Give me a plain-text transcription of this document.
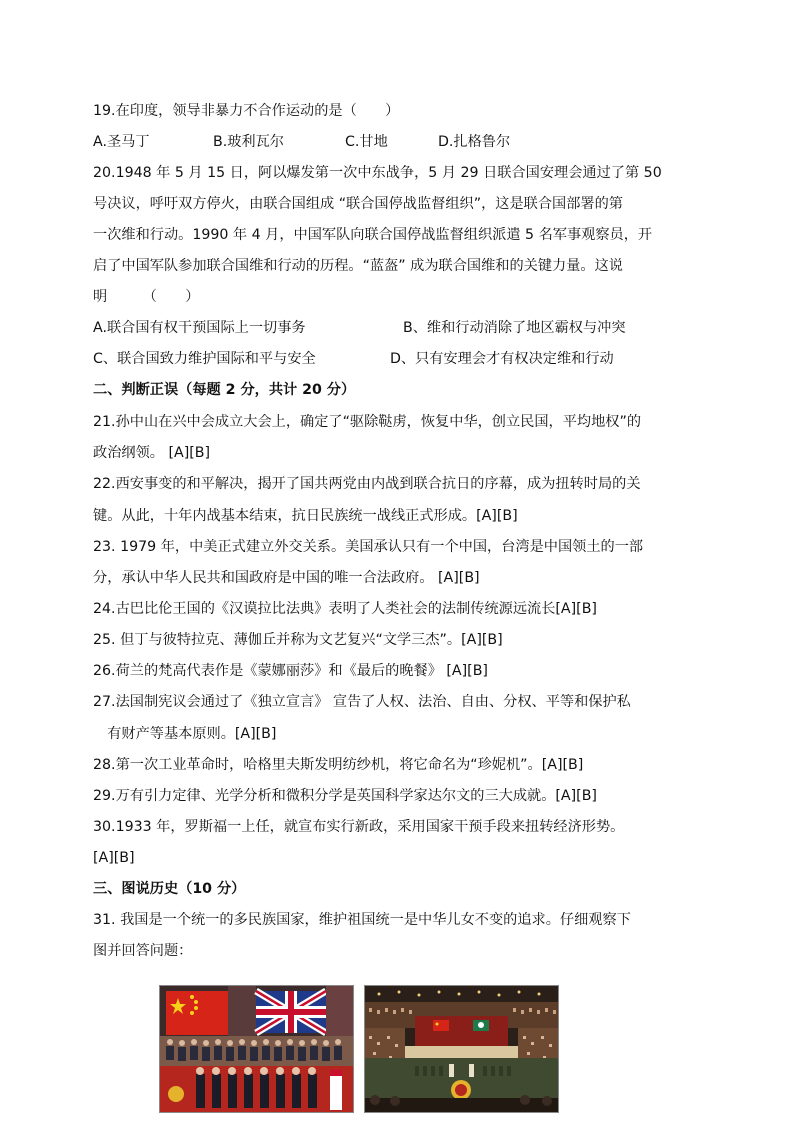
19.在印度，领导非暴力不合作运动的是（　　）
A.圣马丁	B.玻利瓦尔	C.甘地	D.扎格鲁尔
20.1948 年 5 月 15 日，阿以爆发第一次中东战争，5 月 29 日联合国安理会通过了第 50
号决议，呼吁双方停火，由联合国组成 “联合国停战监督组织”，这是联合国部署的第
一次维和行动。1990 年 4 月，中国军队向联合国停战监督组织派遣 5 名军事观察员，开
启了中国军队参加联合国维和行动的历程。“蓝盔” 成为联合国维和的关键力量。这说
明　　　（　　）
A.联合国有权干预国际上一切事务	B、维和行动消除了地区霸权与冲突
C、联合国致力维护国际和平与安全	D、只有安理会才有权决定维和行动
二、判断正误（每题 2 分，共计 20 分）
21.孙中山在兴中会成立大会上，确定了“驱除鞑虏，恢复中华，创立民国，平均地权”的
政治纲领。 [A][B]
22.西安事变的和平解决，揭开了国共两党由内战到联合抗日的序幕，成为扭转时局的关
键。从此，十年内战基本结束，抗日民族统一战线正式形成。[A][B]
23. 1979 年，中美正式建立外交关系。美国承认只有一个中国，台湾是中国领土的一部
分，承认中华人民共和国政府是中国的唯一合法政府。 [A][B]
24.古巴比伦王国的《汉谟拉比法典》表明了人类社会的法制传统源远流长[A][B]
25. 但丁与彼特拉克、薄伽丘并称为文艺复兴“文学三杰”。[A][B]
26.荷兰的梵高代表作是《蒙娜丽莎》和《最后的晚餐》 [A][B]
27.法国制宪议会通过了《独立宣言》 宣告了人权、法治、自由、分权、平等和保护私
　有财产等基本原则。[A][B]
28.第一次工业革命时，哈格里夫斯发明纺纱机，将它命名为“珍妮机”。[A][B]
29.万有引力定律、光学分析和微积分学是英国科学家达尔文的三大成就。[A][B]
30.1933 年，罗斯福一上任，就宣布实行新政，采用国家干预手段来扭转经济形势。
[A][B]
三、图说历史（10 分）
31. 我国是一个统一的多民族国家，维护祖国统一是中华儿女不变的追求。仔细观察下
图并回答问题：
